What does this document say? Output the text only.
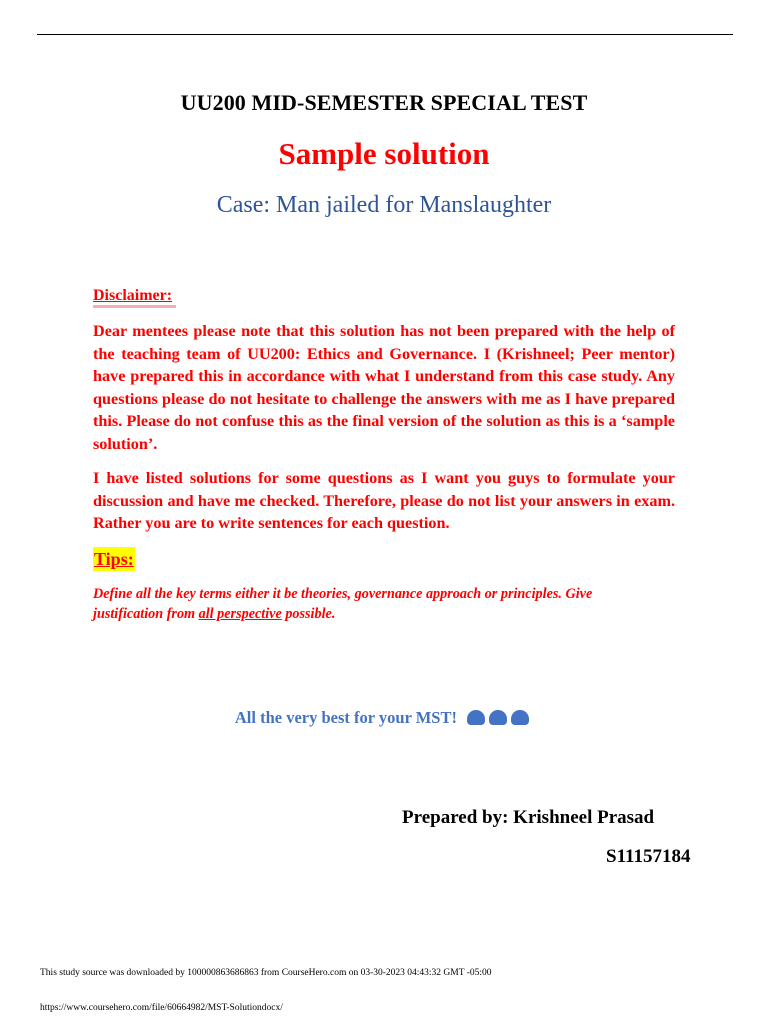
UU200 MID-SEMESTER SPECIAL TEST
Sample solution
Case: Man jailed for Manslaughter
Disclaimer:

Dear mentees please note that this solution has not been prepared with the help of the teaching team of UU200: Ethics and Governance. I (Krishneel; Peer mentor) have prepared this in accordance with what I understand from this case study. Any questions please do not hesitate to challenge the answers with me as I have prepared this. Please do not confuse this as the final version of the solution as this is a ‘sample solution’.

I have listed solutions for some questions as I want you guys to formulate your discussion and have me checked. Therefore, please do not list your answers in exam. Rather you are to write sentences for each question.

Tips:

Define all the key terms either it be theories, governance approach or principles. Give justification from all perspective possible.

All the very best for your MST!
Prepared by: Krishneel Prasad
S11157184
This study source was downloaded by 100000863686863 from CourseHero.com on 03-30-2023 04:43:32 GMT -05:00
https://www.coursehero.com/file/60664982/MST-Solutiondocx/
